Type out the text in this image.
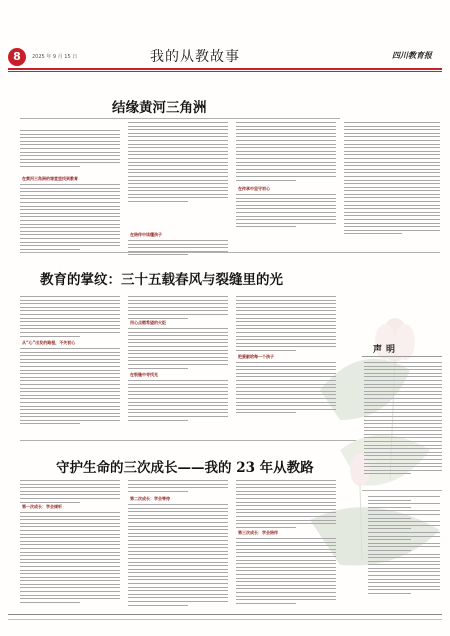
8	2025 年 9 月 15 日	我的从教故事	四川教育报
结缘黄河三角洲
在黄河三角洲的课堂里找到教育
在陪伴中读懂孩子
在传承中坚守初心
教育的掌纹：三十五载春风与裂缝里的光
从“心”出发的路程，不失初心
用心点燃希望的火炬
在裂缝中寻找光
把爱献给每一个孩子
守护生命的三次成长——我的 23 年从教路
第一次成长：学会倾听
第二次成长：学会等待
第三次成长：学会陪伴
声明
